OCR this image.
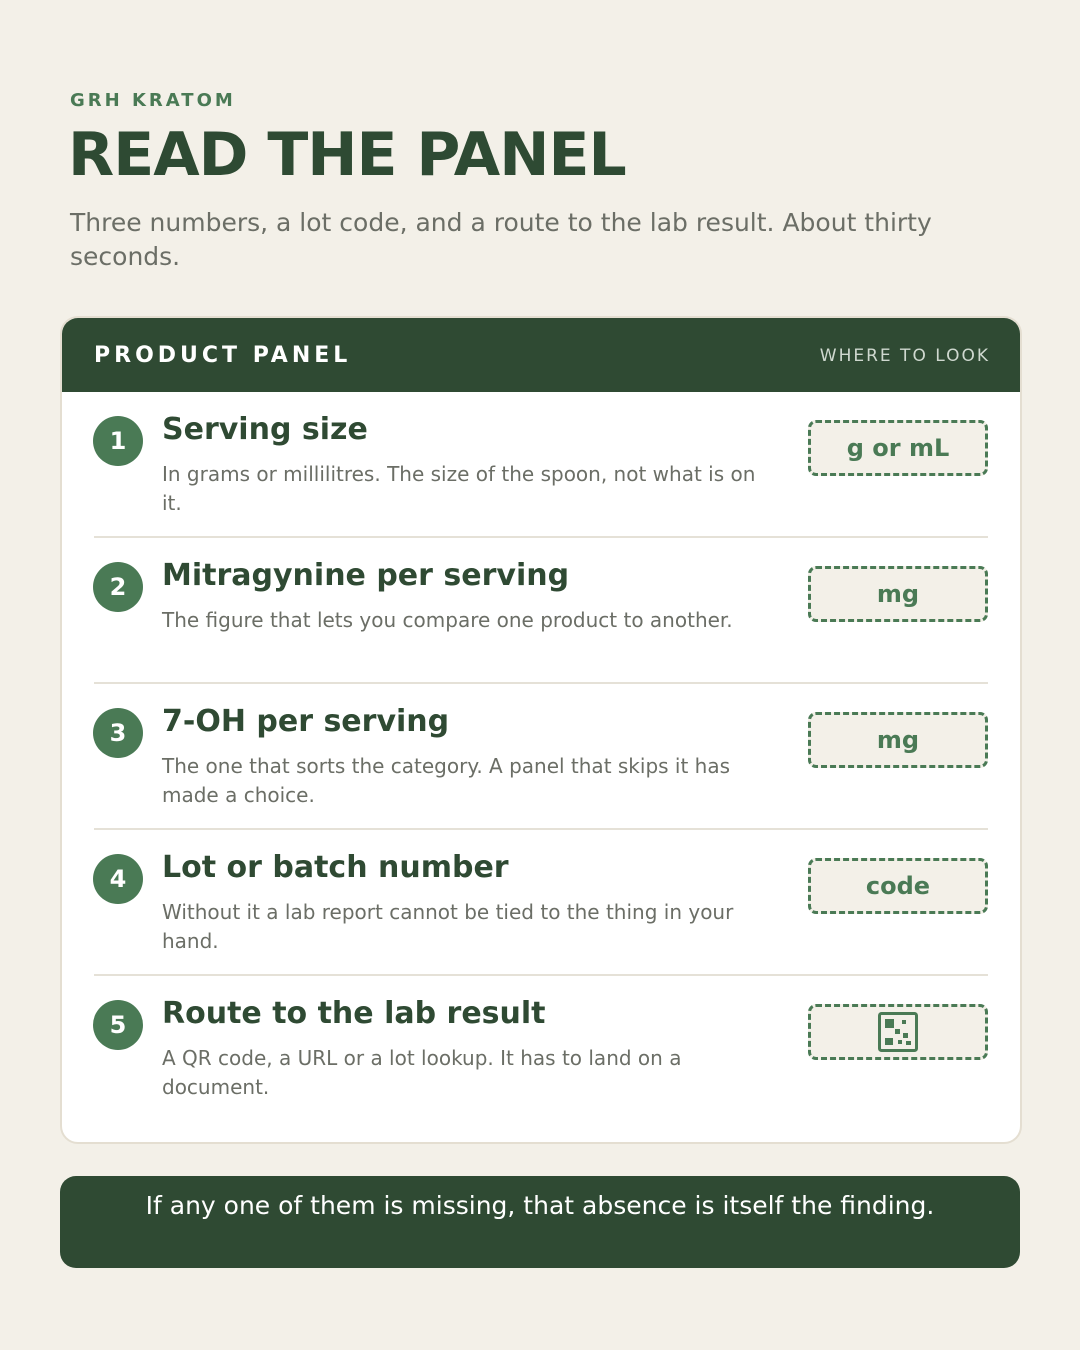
GRH KRATOM
READ THE PANEL
Three numbers, a lot code, and a route to the lab result. About thirty seconds.
PRODUCT PANEL	WHERE TO LOOK
1	Serving size
In grams or millilitres. The size of the spoon, not what is on it.
g or mL
2	Mitragynine per serving
The figure that lets you compare one product to another.
mg
3	7-OH per serving
The one that sorts the category. A panel that skips it has made a choice.
mg
4	Lot or batch number
Without it a lab report cannot be tied to the thing in your hand.
code
5	Route to the lab result
A QR code, a URL or a lot lookup. It has to land on a document.
If any one of them is missing, that absence is itself the finding.
